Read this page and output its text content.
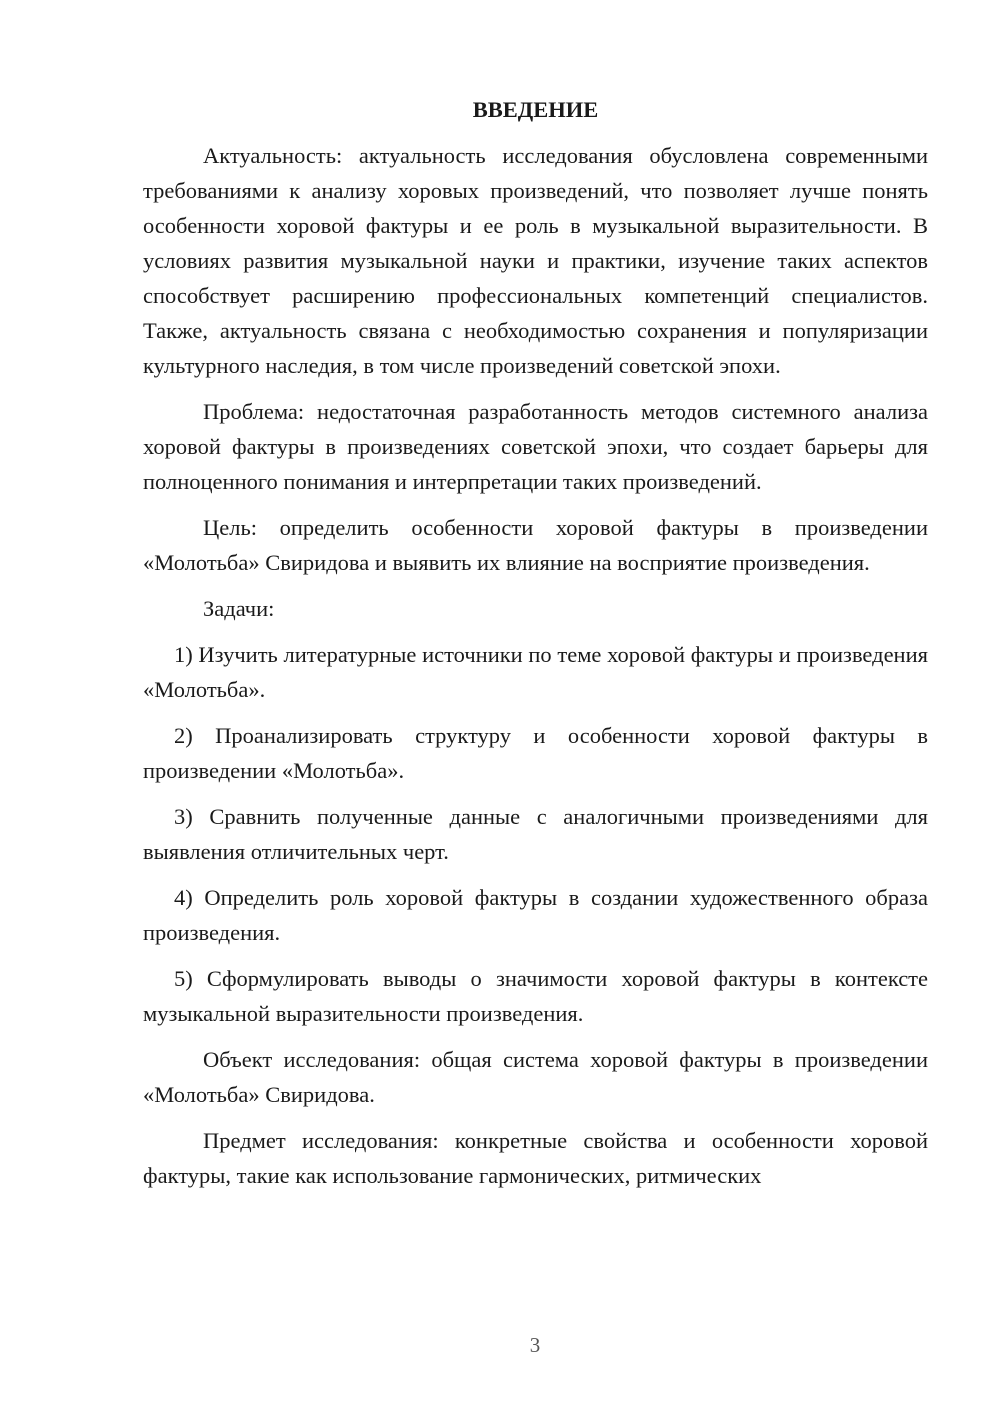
ВВЕДЕНИЕ

Актуальность: актуальность исследования обусловлена современными требованиями к анализу хоровых произведений, что позволяет лучше понять особенности хоровой фактуры и ее роль в музыкальной выразительности. В условиях развития музыкальной науки и практики, изучение таких аспектов способствует расширению профессиональных компетенций специалистов. Также, актуальность связана с необходимостью сохранения и популяризации культурного наследия, в том числе произведений советской эпохи.

Проблема: недостаточная разработанность методов системного анализа хоровой фактуры в произведениях советской эпохи, что создает барьеры для полноценного понимания и интерпретации таких произведений.

Цель: определить особенности хоровой фактуры в произведении «Молотьба» Свиридова и выявить их влияние на восприятие произведения.

Задачи:

1) Изучить литературные источники по теме хоровой фактуры и произведения «Молотьба».

2) Проанализировать структуру и особенности хоровой фактуры в произведении «Молотьба».

3) Сравнить полученные данные с аналогичными произведениями для выявления отличительных черт.

4) Определить роль хоровой фактуры в создании художественного образа произведения.

5) Сформулировать выводы о значимости хоровой фактуры в контексте музыкальной выразительности произведения.

Объект исследования: общая система хоровой фактуры в произведении «Молотьба» Свиридова.

Предмет исследования: конкретные свойства и особенности хоровой фактуры, такие как использование гармонических, ритмических

3
